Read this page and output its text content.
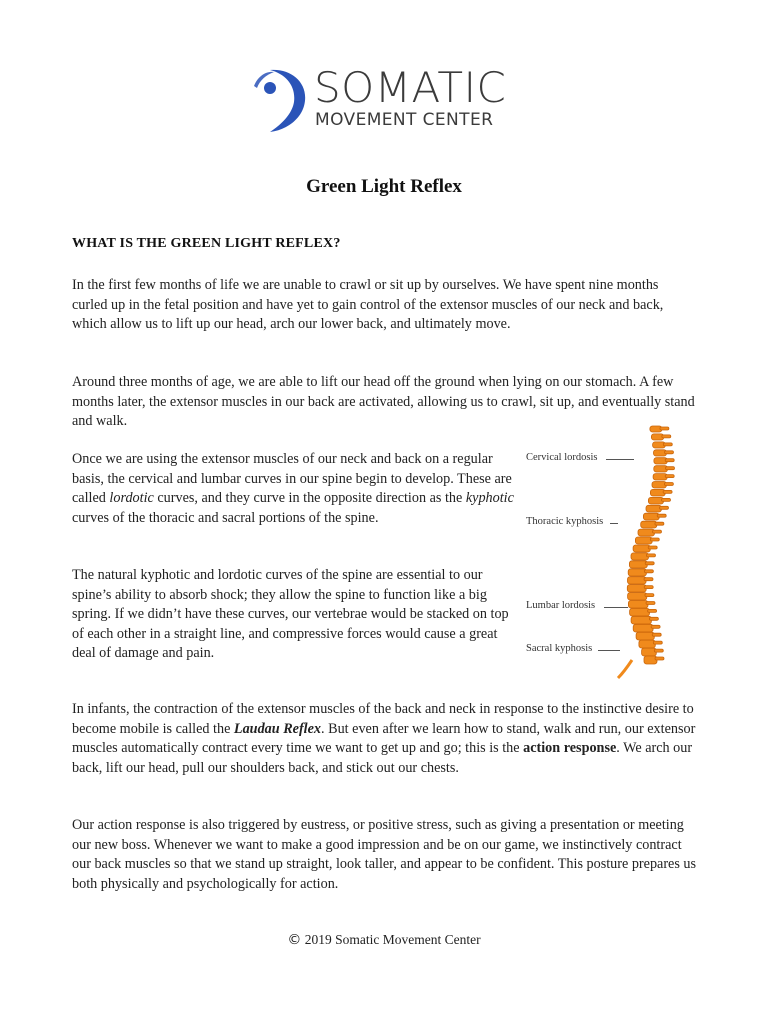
SOMATIC
MOVEMENT CENTER
Green Light Reflex
WHAT IS THE GREEN LIGHT REFLEX?

In the first few months of life we are unable to crawl or sit up by ourselves. We have spent nine months curled up in the fetal position and have yet to gain control of the extensor muscles of our neck and back, which allow us to lift up our head, arch our lower back, and ultimately move.

Around three months of age, we are able to lift our head off the ground when lying on our stomach. A few months later, the extensor muscles in our back are activated, allowing us to crawl, sit up, and eventually stand and walk.

Once we are using the extensor muscles of our neck and back on a regular basis, the cervical and lumbar curves in our spine begin to develop. These are called lordotic curves, and they curve in the opposite direction as the kyphotic curves of the thoracic and sacral portions of the spine.

The natural kyphotic and lordotic curves of the spine are essential to our spine’s ability to absorb shock; they allow the spine to function like a big spring. If we didn’t have these curves, our vertebrae would be stacked on top of each other in a straight line, and compressive forces would cause a great deal of damage and pain.

Cervical lordosis
Thoracic kyphosis
Lumbar lordosis
Sacral kyphosis

In infants, the contraction of the extensor muscles of the back and neck in response to the instinctive desire to become mobile is called the Laudau Reflex. But even after we learn how to stand, walk and run, our extensor muscles automatically contract every time we want to get up and go; this is the action response. We arch our back, lift our head, pull our shoulders back, and stick out our chests.

Our action response is also triggered by eustress, or positive stress, such as giving a presentation or meeting our new boss. Whenever we want to make a good impression and be on our game, we instinctively contract our back muscles so that we stand up straight, look taller, and appear to be confident. This posture prepares us both physically and psychologically for action.

© 2019 Somatic Movement Center
